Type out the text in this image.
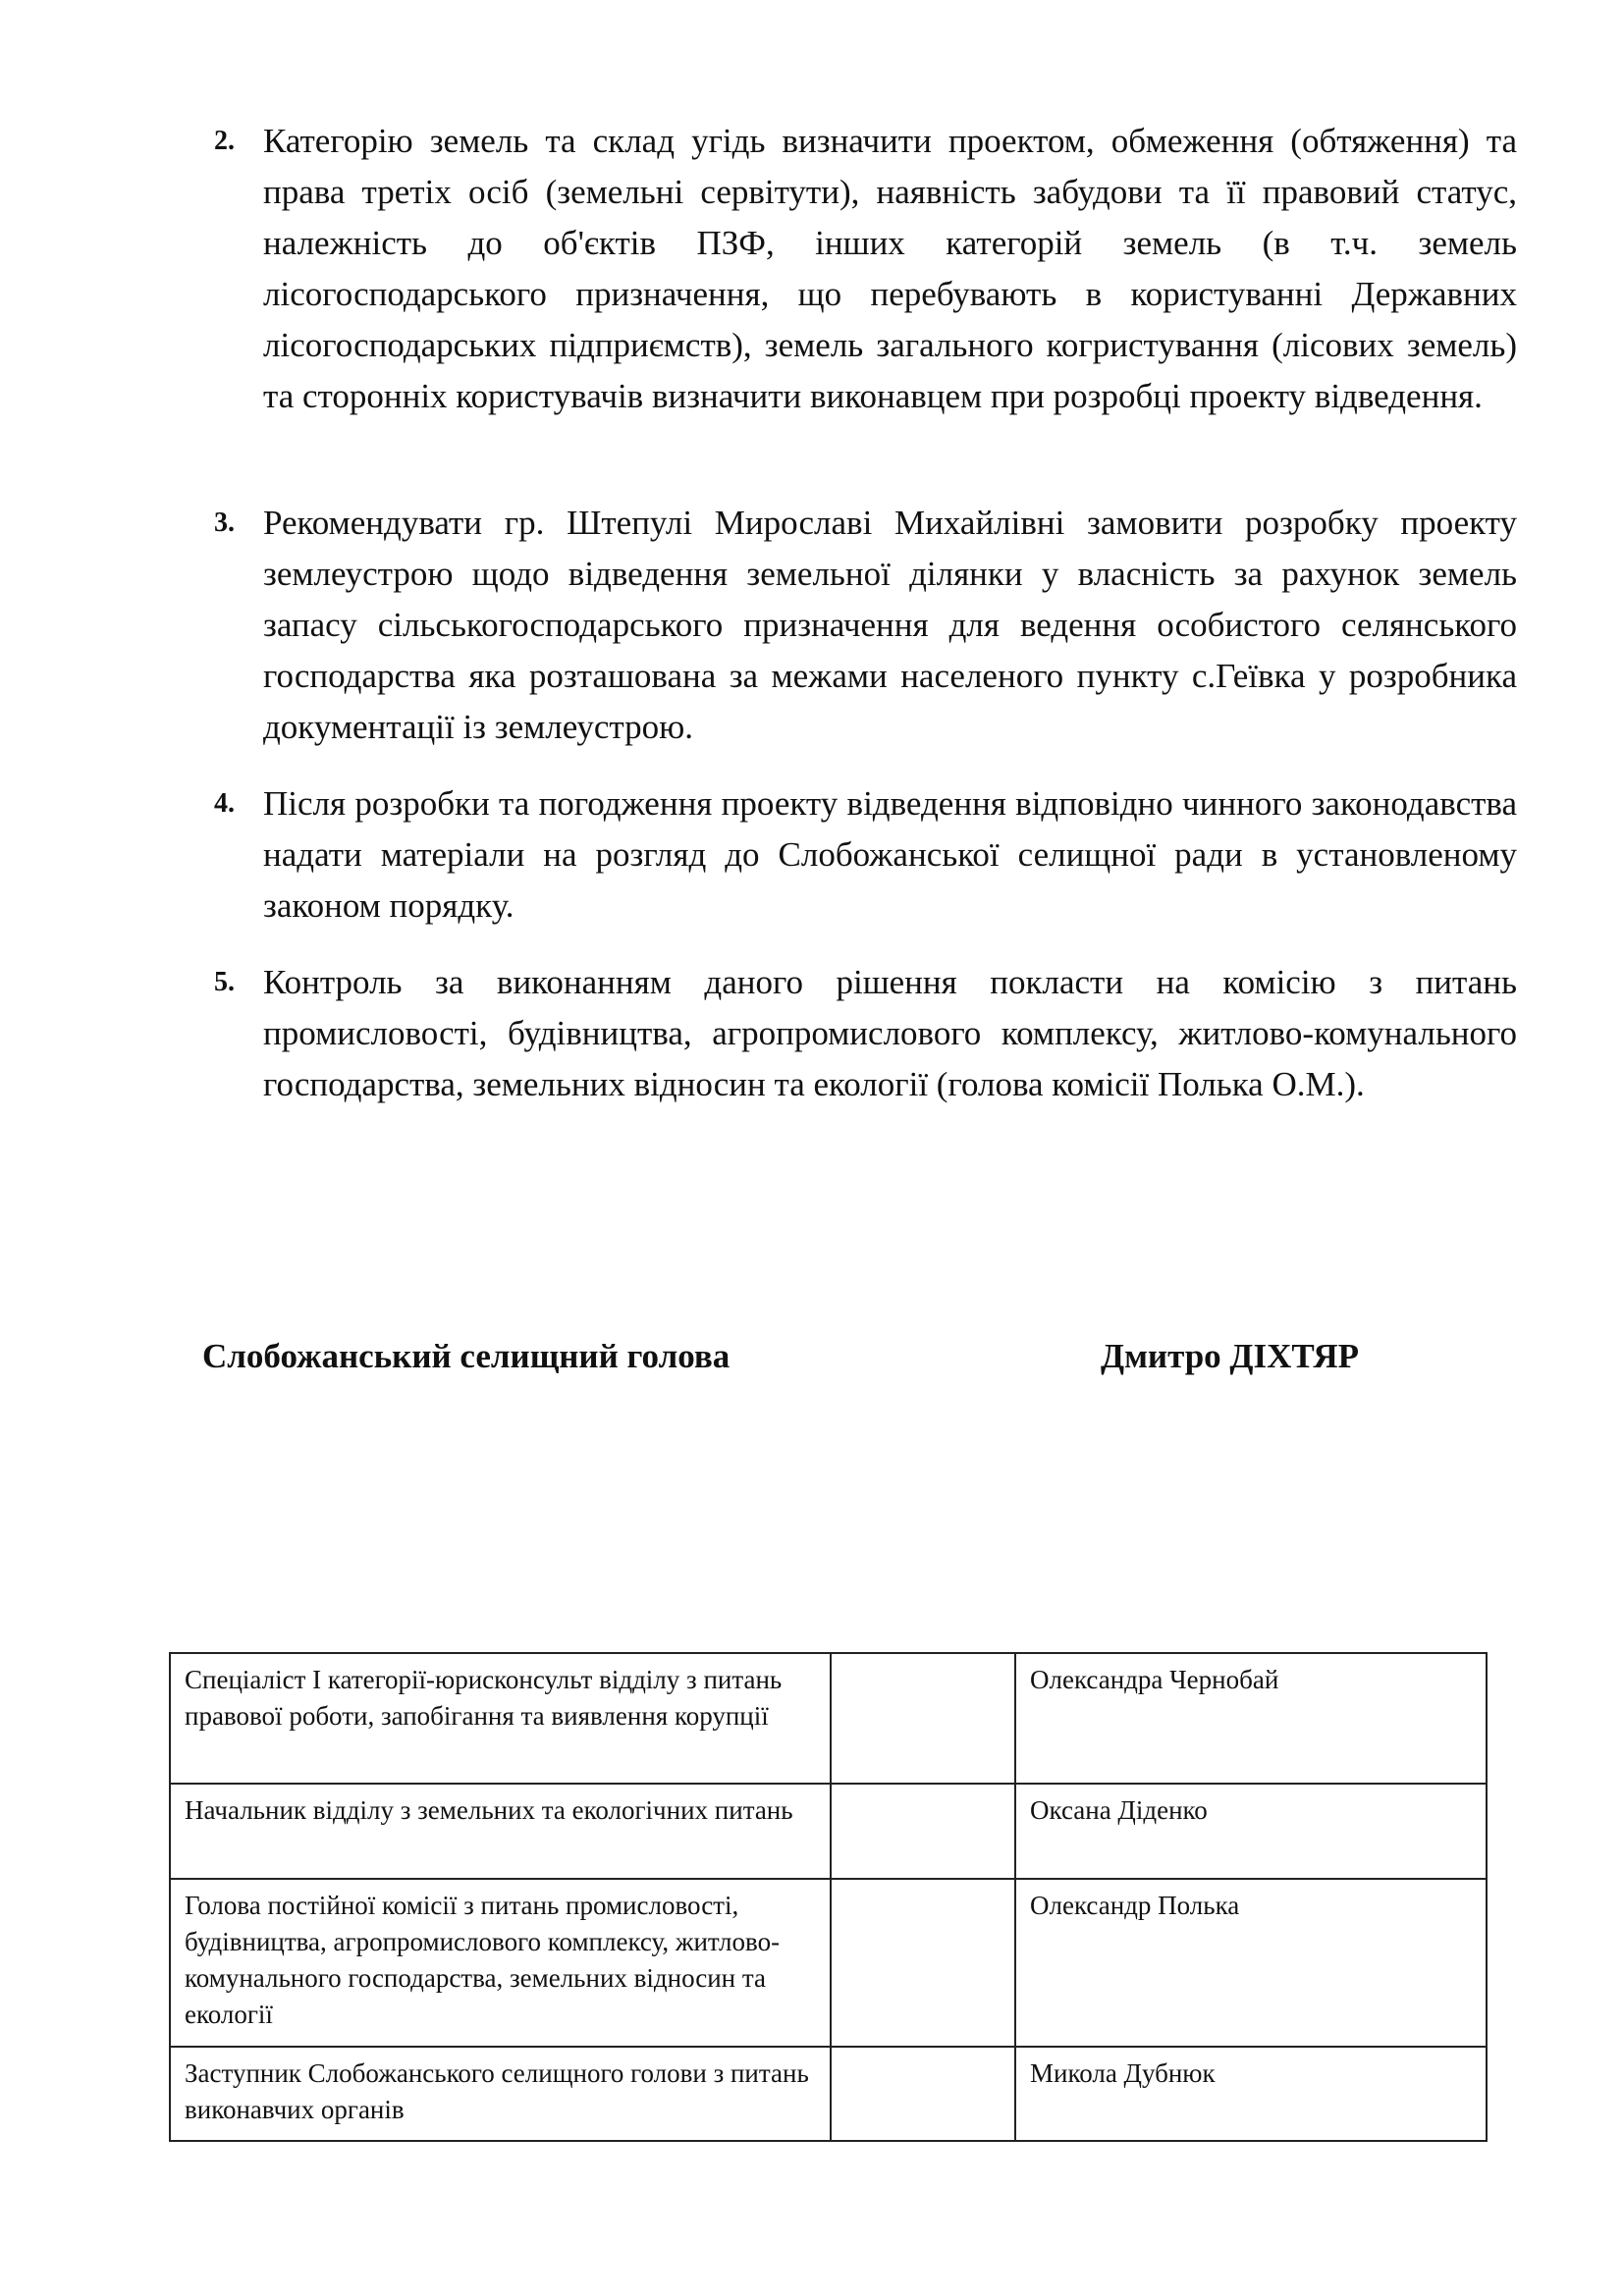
2. Категорію земель та склад угідь визначити проектом, обмеження (обтяження) та права третіх осіб (земельні сервітути), наявність забудови та її правовий статус, належність до об'єктів ПЗФ, інших категорій земель (в т.ч. земель лісогосподарського призначення, що перебувають в користуванні Державних лісогосподарських підприємств), земель загального когристування (лісових земель) та сторонніх користувачів визначити виконавцем при розробці проекту відведення.
3. Рекомендувати гр. Штепулі Мирославі Михайлівні замовити розробку проекту землеустрою щодо відведення земельної ділянки у власність за рахунок земель запасу сільськогосподарського призначення для ведення особистого селянського господарства яка розташована за межами населеного пункту с.Геївка у розробника документації із землеустрою.
4. Після розробки та погодження проекту відведення відповідно чинного законодавства надати матеріали на розгляд до Слобожанської селищної ради в установленому законом порядку.
5. Контроль за виконанням даного рішення покласти на комісію з питань промисловості, будівництва, агропромислового комплексу, житлово-комунального господарства, земельних відносин та екології (голова комісії Полька О.М.).
Слобожанський селищний голова	Дмитро ДІХТЯР
Спеціаліст І категорії-юрисконсульт відділу з питань правової роботи, запобігання та виявлення корупції		Олександра Чернобай
Начальник відділу з земельних та екологічних питань		Оксана Діденко
Голова постійної комісії з питань промисловості, будівництва, агропромислового комплексу, житлово-комунального господарства, земельних відносин та екології		Олександр Полька
Заступник Слобожанського селищного голови з питань виконавчих органів		Микола Дубнюк
